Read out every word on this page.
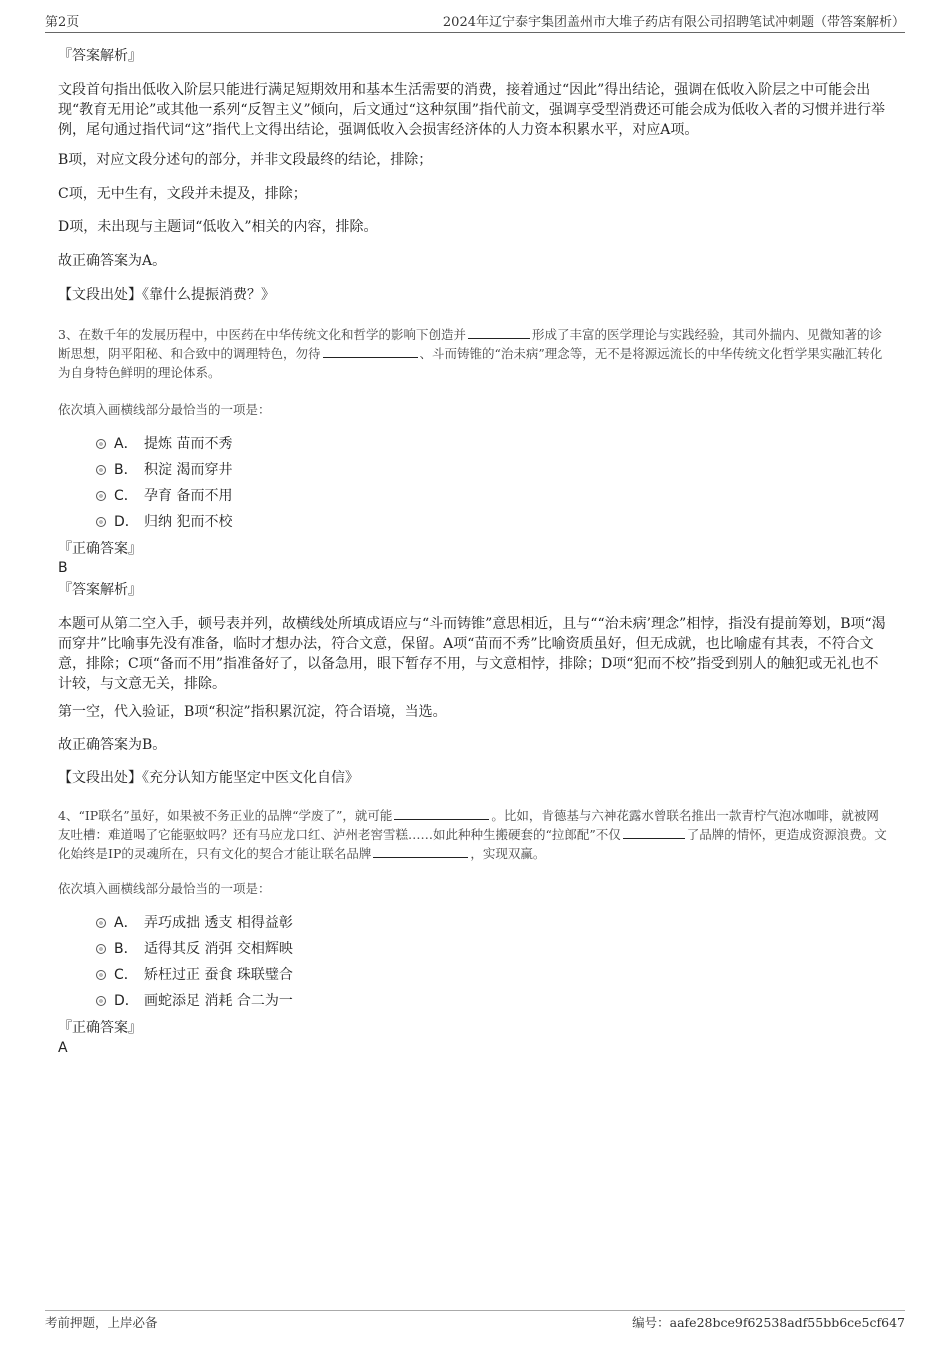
第2页	2024年辽宁泰宇集团盖州市大堆子药店有限公司招聘笔试冲刺题（带答案解析）
『答案解析』
文段首句指出低收入阶层只能进行满足短期效用和基本生活需要的消费，接着通过“因此”得出结论，强调在低收入阶层之中可能会出现“教育无用论”或其他一系列“反智主义”倾向，后文通过“这种氛围”指代前文，强调享受型消费还可能会成为低收入者的习惯并进行举例，尾句通过指代词“这”指代上文得出结论，强调低收入会损害经济体的人力资本积累水平，对应A项。
B项，对应文段分述句的部分，并非文段最终的结论，排除；
C项，无中生有，文段并未提及，排除；
D项，未出现与主题词“低收入”相关的内容，排除。
故正确答案为A。
【文段出处】《靠什么提振消费？》
3、在数千年的发展历程中，中医药在中华传统文化和哲学的影响下创造并	形成了丰富的医学理论与实践经验，其司外揣内、见微知著的诊断思想，阴平阳秘、和合致中的调理特色，勿待	、斗而铸锥的“治未病”理念等，无不是将源远流长的中华传统文化哲学果实融汇转化为自身特色鲜明的理论体系。
依次填入画横线部分最恰当的一项是：
A． 提炼 苗而不秀
B． 积淀 渴而穿井
C． 孕育 备而不用
D． 归纳 犯而不校
『正确答案』
B
『答案解析』
本题可从第二空入手，顿号表并列，故横线处所填成语应与“斗而铸锥”意思相近，且与““治未病’理念”相悖，指没有提前筹划，B项“渴而穿井”比喻事先没有准备，临时才想办法，符合文意，保留。A项“苗而不秀”比喻资质虽好，但无成就，也比喻虚有其表，不符合文意，排除；C项“备而不用”指准备好了，以备急用，眼下暂存不用，与文意相悖，排除；D项“犯而不校”指受到别人的触犯或无礼也不计较，与文意无关，排除。
第一空，代入验证，B项“积淀”指积累沉淀，符合语境，当选。
故正确答案为B。
【文段出处】《充分认知方能坚定中医文化自信》
4、“IP联名”虽好，如果被不务正业的品牌“学废了”，就可能	。比如，肯德基与六神花露水曾联名推出一款青柠气泡冰咖啡，就被网友吐槽：难道喝了它能驱蚊吗？还有马应龙口红、泸州老窖雪糕……如此种种生搬硬套的“拉郎配”不仅	了品牌的情怀，更造成资源浪费。文化始终是IP的灵魂所在，只有文化的契合才能让联名品牌	，实现双赢。
依次填入画横线部分最恰当的一项是：
A． 弄巧成拙 透支 相得益彰
B． 适得其反 消弭 交相辉映
C． 矫枉过正 蚕食 珠联璧合
D． 画蛇添足 消耗 合二为一
『正确答案』
A
考前押题，上岸必备	编号：aafe28bce9f62538adf55bb6ce5cf647
